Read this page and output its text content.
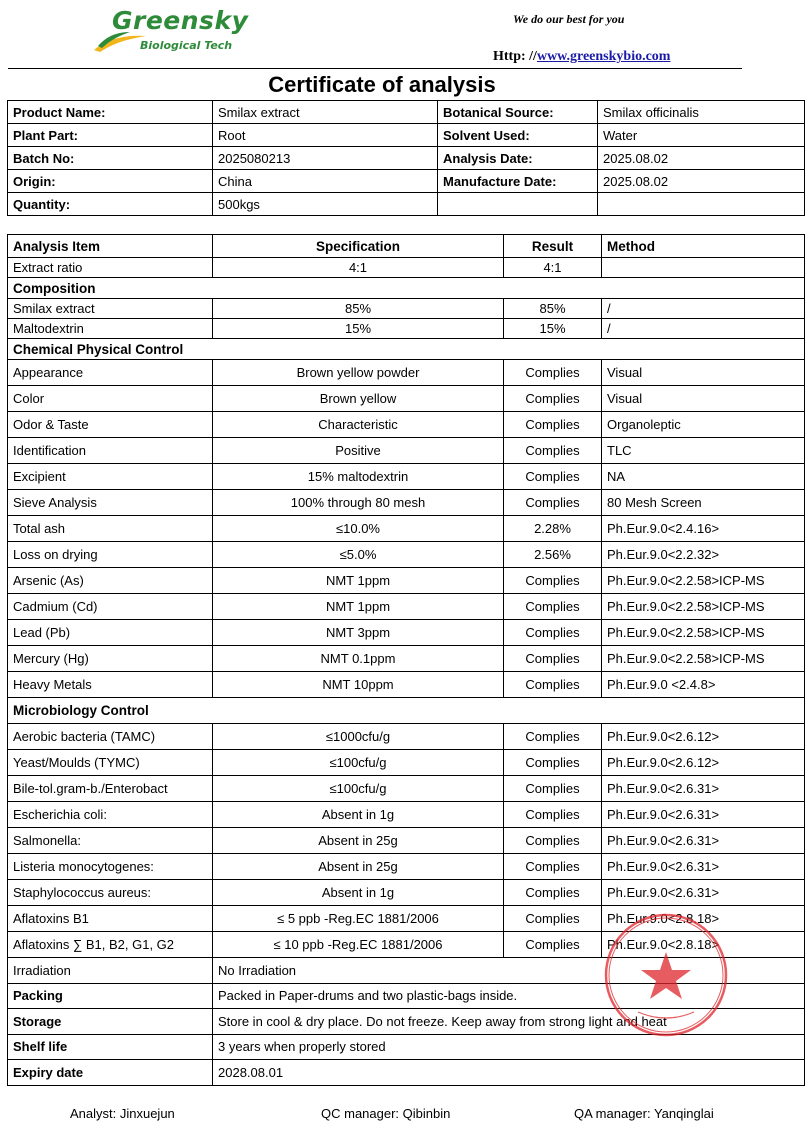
Greensky
Biological Tech
We do our best for you
Http: //www.greenskybio.com
Certificate of analysis
Product Name:	Smilax extract	Botanical Source:	Smilax officinalis
Plant Part:	Root	Solvent Used:	Water
Batch No:	2025080213	Analysis Date:	2025.08.02
Origin:	China	Manufacture Date:	2025.08.02
Quantity:	500kgs		
Analysis Item	Specification	Result	Method
Extract ratio	4:1	4:1	
Composition			
Smilax extract	85%	85%	/
Maltodextrin	15%	15%	/
Chemical Physical Control			
Appearance	Brown yellow powder	Complies	Visual
Color	Brown yellow	Complies	Visual
Odor & Taste	Characteristic	Complies	Organoleptic
Identification	Positive	Complies	TLC
Excipient	15% maltodextrin	Complies	NA
Sieve Analysis	100% through 80 mesh	Complies	80 Mesh Screen
Total ash	≤10.0%	2.28%	Ph.Eur.9.0<2.4.16>
Loss on drying	≤5.0%	2.56%	Ph.Eur.9.0<2.2.32>
Arsenic (As)	NMT 1ppm	Complies	Ph.Eur.9.0<2.2.58>ICP-MS
Cadmium (Cd)	NMT 1ppm	Complies	Ph.Eur.9.0<2.2.58>ICP-MS
Lead (Pb)	NMT 3ppm	Complies	Ph.Eur.9.0<2.2.58>ICP-MS
Mercury (Hg)	NMT 0.1ppm	Complies	Ph.Eur.9.0<2.2.58>ICP-MS
Heavy Metals	NMT 10ppm	Complies	Ph.Eur.9.0 <2.4.8>
Microbiology Control			
Aerobic bacteria (TAMC)	≤1000cfu/g	Complies	Ph.Eur.9.0<2.6.12>
Yeast/Moulds (TYMC)	≤100cfu/g	Complies	Ph.Eur.9.0<2.6.12>
Bile-tol.gram-b./Enterobact	≤100cfu/g	Complies	Ph.Eur.9.0<2.6.31>
Escherichia coli:	Absent in 1g	Complies	Ph.Eur.9.0<2.6.31>
Salmonella:	Absent in 25g	Complies	Ph.Eur.9.0<2.6.31>
Listeria monocytogenes:	Absent in 25g	Complies	Ph.Eur.9.0<2.6.31>
Staphylococcus aureus:	Absent in 1g	Complies	Ph.Eur.9.0<2.6.31>
Aflatoxins B1	≤ 5 ppb -Reg.EC 1881/2006	Complies	Ph.Eur.9.0<2.8.18>
Aflatoxins ∑ B1, B2, G1, G2	≤ 10 ppb -Reg.EC 1881/2006	Complies	Ph.Eur.9.0<2.8.18>
Irradiation	No Irradiation		
Packing	Packed in Paper-drums and two plastic-bags inside.		
Storage	Store in cool & dry place. Do not freeze. Keep away from strong light and heat		
Shelf life	3 years when properly stored		
Expiry date	2028.08.01		
Analyst: Jinxuejun	QC manager: Qibinbin	QA manager: Yanqinglai
